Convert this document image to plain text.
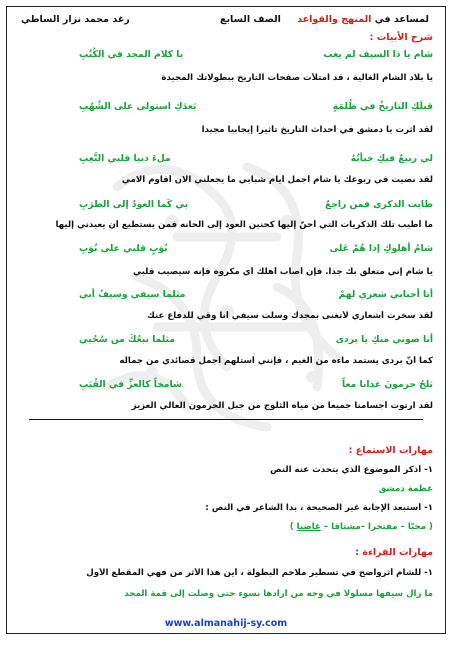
لمساعد في المنهج والقواعد
الصف السابع
رغد محمد نزار الساطي
شرح الأبيات :
شام يا ذا السيف لم يغب
يا كلام المجد في الكُتُبِ
يا بلاد الشام الغالية ، قد امتلأت صفحات التاريخ ببطولاتك المجيدة
قبلَكِ التاريخُ في ظُلمَةٍ
بَعدَكِ استولى على الشُهُبِ
لقد أثرت يا دمشق في أحداث التاريخ تأثيراً إيجابياً مجيداً
لي ربيعٌ فيكِ خبأتُهُ
ملءَ دنيا قلبي التَّعِبِ
لقد نضيت في ربوعك يا شام أجمل أيام شبابي ما يجعلني الان أقاوم آلامي
طابت الذكرى فمن راجعٌ
بي كَما العودُ إلى الطرَبِ
ما أطيب تلك الذكريات التي أحنّ إليها كحنين العود إلى الحانه فمن يستطيع أن يعيدني إليها
شامُ أهلوكِ إذا هُمْ عَلى
نُوَبٍ قلبي على نُوَبِ
يا شام إني متعلق بك جدا. فإن أصاب أهلك أي مكروه فإنه سيصيب قلبي
أنا أحبابي شعري لهمْ
مثلما سيفي وسيفُ أبي
لقد سخرت أشعاري لأتغنى بمجدك وسلت سيفي أنا وقي للدفاع عنك
أنا صوتي منكِ يا بردى
مثلما نبعُكَ من سُحُبي
كما أنّ بردى يستمد ماءه من الغيم ، فإنني أستلهم أجمل قصائدي من جماله
ثلجُ حرمونَ غذانا معاً
شامخاً كالعزِّ في القُبَبِ
لقد ارتوت أجسامنا جميعا من مياه الثلوج من جبل الحرمون العالي العزيز
مهارات الاستماع :
١- أذكر الموضوع الذي يتحدث عنه النص
عظمة دمشق
١- أستبعد الإجابة غير الصحيحة ، بدا الشاعر في النص :
( محبّاً – مفتخراً –مشتاقاً – غاضباً )
مهارات القراءة :
١- للشام أثرواضح في تسطير ملاحم البطولة ، أين هذا الأثر من فهي المقطع الأول
ما زال سيفها مسلولاً في وجه من أرادها بسوء حتى وصلت إلى قمة المجد
www.almanahij-sy.com
